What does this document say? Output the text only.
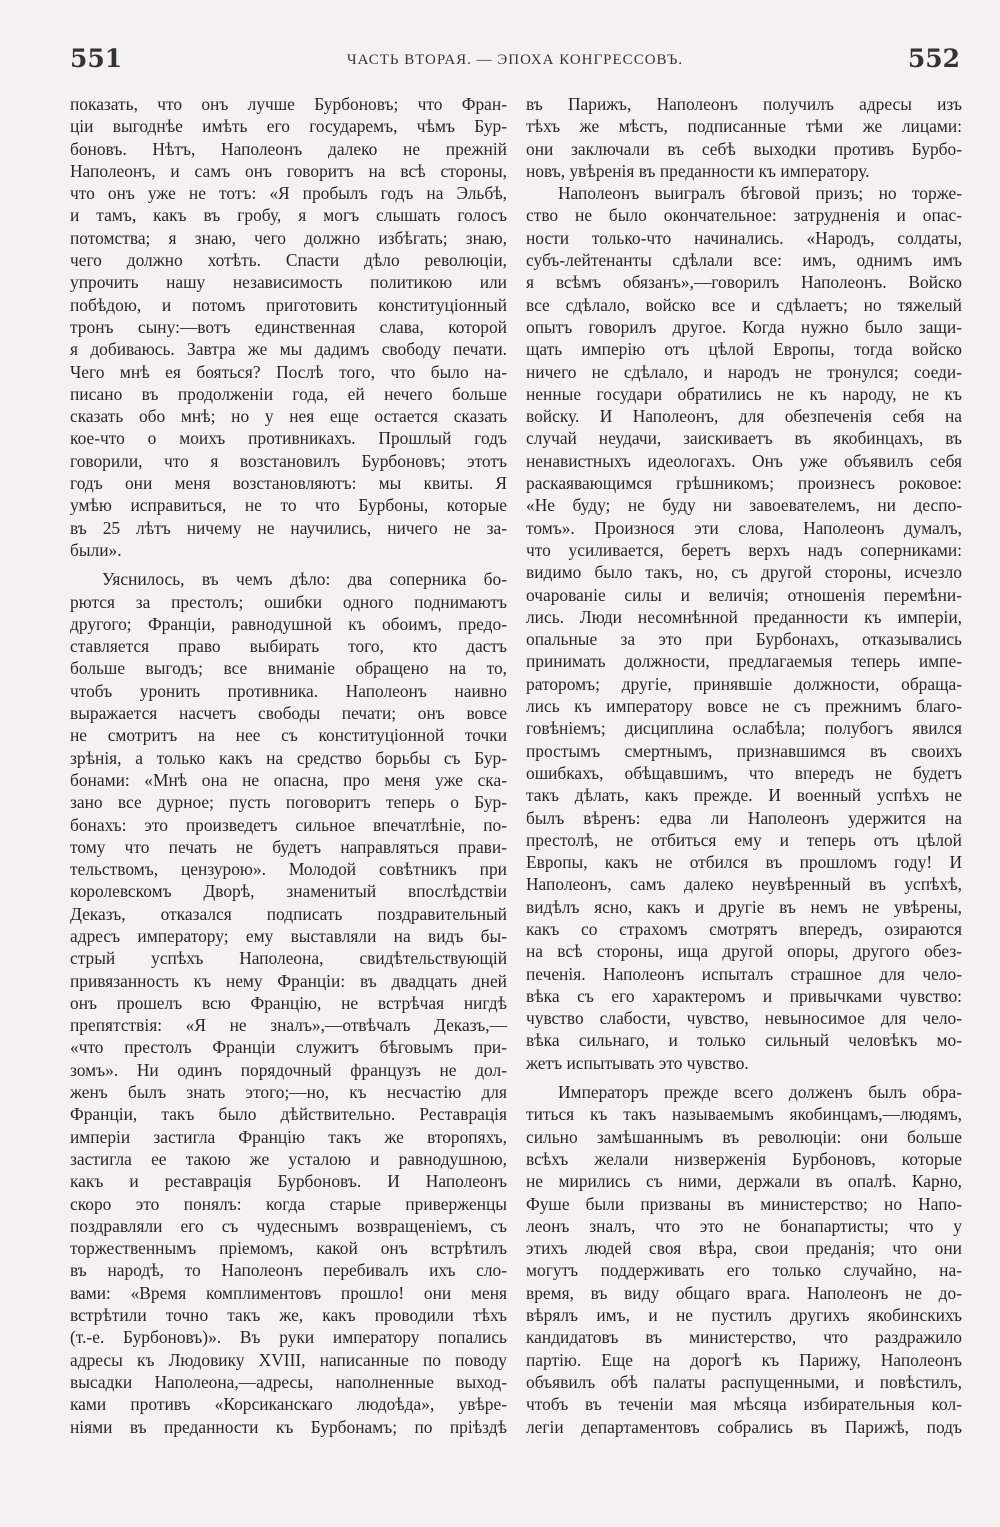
551	ЧАСТЬ ВТОРАЯ. — ЭПОХА КОНГРЕССОВЪ.	552
показать, что онъ лучше Бурбоновъ; что Фран-
ціи выгоднѣе имѣть его государемъ, чѣмъ Бур-
боновъ. Нѣтъ, Наполеонъ далеко не прежній
Наполеонъ, и самъ онъ говоритъ на всѣ стороны,
что онъ уже не тотъ: «Я пробылъ годъ на Эльбѣ,
и тамъ, какъ въ гробу, я могъ слышать голосъ
потомства; я знаю, чего должно избѣгать; знаю,
чего должно хотѣть. Спасти дѣло революціи,
упрочить нашу независимость политикою или
побѣдою, и потомъ приготовить конституціонный
тронъ сыну:—вотъ единственная слава, которой
я добиваюсь. Завтра же мы дадимъ свободу печати.
Чего мнѣ ея бояться? Послѣ того, что было на-
писано въ продолженіи года, ей нечего больше
сказать обо мнѣ; но у нея еще остается сказать
кое-что о моихъ противникахъ. Прошлый годъ
говорили, что я возстановилъ Бурбоновъ; этотъ
годъ они меня возстановляютъ: мы квиты. Я
умѣю исправиться, не то что Бурбоны, которые
въ 25 лѣтъ ничему не научились, ничего не за-
были».
Уяснилось, въ чемъ дѣло: два соперника бо-
рются за престолъ; ошибки одного поднимаютъ
другого; Франціи, равнодушной къ обоимъ, предо-
ставляется право выбирать того, кто дастъ
больше выгодъ; все вниманіе обращено на то,
чтобъ уронить противника. Наполеонъ наивно
выражается насчетъ свободы печати; онъ вовсе
не смотритъ на нее съ конституціонной точки
зрѣнія, а только какъ на средство борьбы съ Бур-
бонами: «Мнѣ она не опасна, про меня уже ска-
зано все дурное; пусть поговоритъ теперь о Бур-
бонахъ: это произведетъ сильное впечатлѣніе, по-
тому что печать не будетъ направляться прави-
тельствомъ, цензурою». Молодой совѣтникъ при
королевскомъ Дворѣ, знаменитый впослѣдствіи
Деказъ, отказался подписать поздравительный
адресъ императору; ему выставляли на видъ бы-
стрый успѣхъ Наполеона, свидѣтельствующій
привязанность къ нему Франціи: въ двадцать дней
онъ прошелъ всю Францію, не встрѣчая нигдѣ
препятствія: «Я не зналъ»,—отвѣчалъ Деказъ,—
«что престолъ Франціи служитъ бѣговымъ при-
зомъ». Ни одинъ порядочный французъ не дол-
женъ былъ знать этого;—но, къ несчастію для
Франціи, такъ было дѣйствительно. Реставрація
имперіи застигла Францію такъ же второпяхъ,
застигла ее такою же усталою и равнодушною,
какъ и реставрація Бурбоновъ. И Наполеонъ
скоро это понялъ: когда старые приверженцы
поздравляли его съ чудеснымъ возвращеніемъ, съ
торжественнымъ пріемомъ, какой онъ встрѣтилъ
въ народѣ, то Наполеонъ перебивалъ ихъ сло-
вами: «Время комплиментовъ прошло! они меня
встрѣтили точно такъ же, какъ проводили тѣхъ
(т.-е. Бурбоновъ)». Въ руки императору попались
адресы къ Людовику XVIII, написанные по поводу
высадки Наполеона,—адресы, наполненные выход-
ками противъ «Корсиканскаго людоѣда», увѣре-
ніями въ преданности къ Бурбонамъ; по пріѣздѣ
въ Парижъ, Наполеонъ получилъ адресы изъ
тѣхъ же мѣстъ, подписанные тѣми же лицами:
они заключали въ себѣ выходки противъ Бурбо-
новъ, увѣренія въ преданности къ императору.
Наполеонъ выигралъ бѣговой призъ; но торже-
ство не было окончательное: затрудненія и опас-
ности только-что начинались. «Народъ, солдаты,
субъ-лейтенанты сдѣлали все: имъ, однимъ имъ
я всѣмъ обязанъ»,—говорилъ Наполеонъ. Войско
все сдѣлало, войско все и сдѣлаетъ; но тяжелый
опытъ говорилъ другое. Когда нужно было защи-
щать имперію отъ цѣлой Европы, тогда войско
ничего не сдѣлало, и народъ не тронулся; соеди-
ненные государи обратились не къ народу, не къ
войску. И Наполеонъ, для обезпеченія себя на
случай неудачи, заискиваетъ въ якобинцахъ, въ
ненавистныхъ идеологахъ. Онъ уже объявилъ себя
раскаявающимся грѣшникомъ; произнесъ роковое:
«Не буду; не буду ни завоевателемъ, ни деспо-
томъ». Произнося эти слова, Наполеонъ думалъ,
что усиливается, беретъ верхъ надъ соперниками:
видимо было такъ, но, съ другой стороны, исчезло
очарованіе силы и величія; отношенія перемѣни-
лись. Люди несомнѣнной преданности къ имперіи,
опальные за это при Бурбонахъ, отказывались
принимать должности, предлагаемыя теперь импе-
раторомъ; другіе, принявшіе должности, обраща-
лись къ императору вовсе не съ прежнимъ благо-
говѣніемъ; дисциплина ослабѣла; полубогъ явился
простымъ смертнымъ, признавшимся въ своихъ
ошибкахъ, обѣщавшимъ, что впередъ не будетъ
такъ дѣлать, какъ прежде. И военный успѣхъ не
былъ вѣренъ: едва ли Наполеонъ удержится на
престолѣ, не отбиться ему и теперь отъ цѣлой
Европы, какъ не отбился въ прошломъ году! И
Наполеонъ, самъ далеко неувѣренный въ успѣхѣ,
видѣлъ ясно, какъ и другіе въ немъ не увѣрены,
какъ со страхомъ смотрятъ впередъ, озираются
на всѣ стороны, ища другой опоры, другого обез-
печенія. Наполеонъ испыталъ страшное для чело-
вѣка съ его характеромъ и привычками чувство:
чувство слабости, чувство, невыносимое для чело-
вѣка сильнаго, и только сильный человѣкъ мо-
жетъ испытывать это чувство.
Императоръ прежде всего долженъ былъ обра-
титься къ такъ называемымъ якобинцамъ,—людямъ,
сильно замѣшаннымъ въ революціи: они больше
всѣхъ желали низверженія Бурбоновъ, которые
не мирились съ ними, держали въ опалѣ. Карно,
Фуше были призваны въ министерство; но Напо-
леонъ зналъ, что это не бонапартисты; что у
этихъ людей своя вѣра, свои преданія; что они
могутъ поддерживать его только случайно, на-
время, въ виду общаго врага. Наполеонъ не до-
вѣрялъ имъ, и не пустилъ другихъ якобинскихъ
кандидатовъ въ министерство, что раздражило
партію. Еще на дорогѣ къ Парижу, Наполеонъ
объявилъ обѣ палаты распущенными, и повѣстилъ,
чтобъ въ теченіи мая мѣсяца избирательныя кол-
легіи департаментовъ собрались въ Парижѣ, подъ
